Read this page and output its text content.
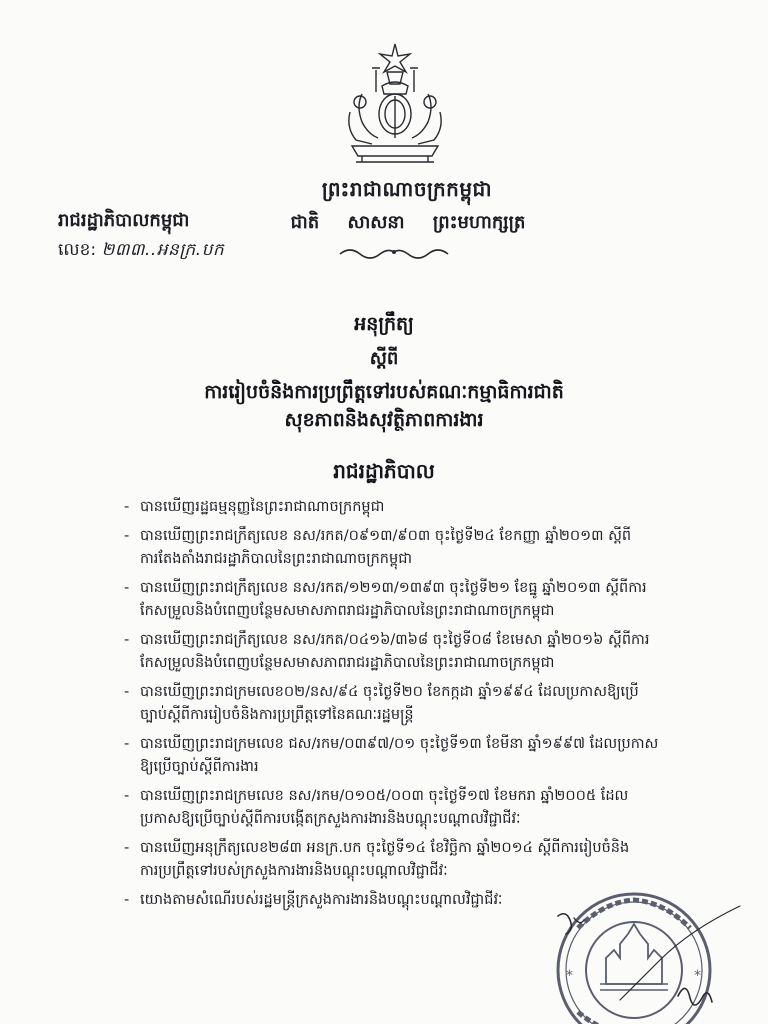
ព្រះរាជាណាចក្រកម្ពុជា
ជាតិ សាសនា ព្រះមហាក្សត្រ
រាជរដ្ឋាភិបាលកម្ពុជា
លេខ: ២៣៣..អនក្រ.បក
អនុក្រឹត្យ
ស្តីពី
ការរៀបចំនិងការប្រព្រឹត្តទៅរបស់គណៈកម្មាធិការជាតិ
សុខភាពនិងសុវត្ថិភាពការងារ
រាជរដ្ឋាភិបាល
- បានឃើញរដ្ឋធម្មនុញ្ញនៃព្រះរាជាណាចក្រកម្ពុជា
- បានឃើញព្រះរាជក្រឹត្យលេខ នស/រកត/០៩១៣/៩០៣ ចុះថ្ងៃទី២៤ ខែកញ្ញា ឆ្នាំ២០១៣ ស្តីពី
ការតែងតាំងរាជរដ្ឋាភិបាលនៃព្រះរាជាណាចក្រកម្ពុជា
- បានឃើញព្រះរាជក្រឹត្យលេខ នស/រកត/១២១៣/១៣៩៣ ចុះថ្ងៃទី២១ ខែធ្នូ ឆ្នាំ២០១៣ ស្តីពីការ
កែសម្រួលនិងបំពេញបន្ថែមសមាសភាពរាជរដ្ឋាភិបាលនៃព្រះរាជាណាចក្រកម្ពុជា
- បានឃើញព្រះរាជក្រឹត្យលេខ នស/រកត/០៤១៦/៣៦៨ ចុះថ្ងៃទី០៨ ខែមេសា ឆ្នាំ២០១៦ ស្តីពីការ
កែសម្រួលនិងបំពេញបន្ថែមសមាសភាពរាជរដ្ឋាភិបាលនៃព្រះរាជាណាចក្រកម្ពុជា
- បានឃើញព្រះរាជក្រមលេខ០២/នស/៩៤ ចុះថ្ងៃទី២០ ខែកក្កដា ឆ្នាំ១៩៩៤ ដែលប្រកាសឱ្យប្រើ
ច្បាប់ស្តីពីការរៀបចំនិងការប្រព្រឹត្តទៅនៃគណៈរដ្ឋមន្ត្រី
- បានឃើញព្រះរាជក្រមលេខ ជស/រកម/០៣៩៧/០១ ចុះថ្ងៃទី១៣ ខែមីនា ឆ្នាំ១៩៩៧ ដែលប្រកាស
ឱ្យប្រើច្បាប់ស្តីពីការងារ
- បានឃើញព្រះរាជក្រមលេខ នស/រកម/០១០៥/០០៣ ចុះថ្ងៃទី១៧ ខែមករា ឆ្នាំ២០០៥ ដែល
ប្រកាសឱ្យប្រើច្បាប់ស្តីពីការបង្កើតក្រសួងការងារនិងបណ្តុះបណ្តាលវិជ្ជាជីវៈ
- បានឃើញអនុក្រឹត្យលេខ២៨៣ អនក្រ.បក ចុះថ្ងៃទី១៤ ខែវិច្ឆិកា ឆ្នាំ២០១៤ ស្តីពីការរៀបចំនិង
ការប្រព្រឹត្តទៅរបស់ក្រសួងការងារនិងបណ្តុះបណ្តាលវិជ្ជាជីវៈ
- យោងតាមសំណើរបស់រដ្ឋមន្ត្រីក្រសួងការងារនិងបណ្តុះបណ្តាលវិជ្ជាជីវៈ
*	*
